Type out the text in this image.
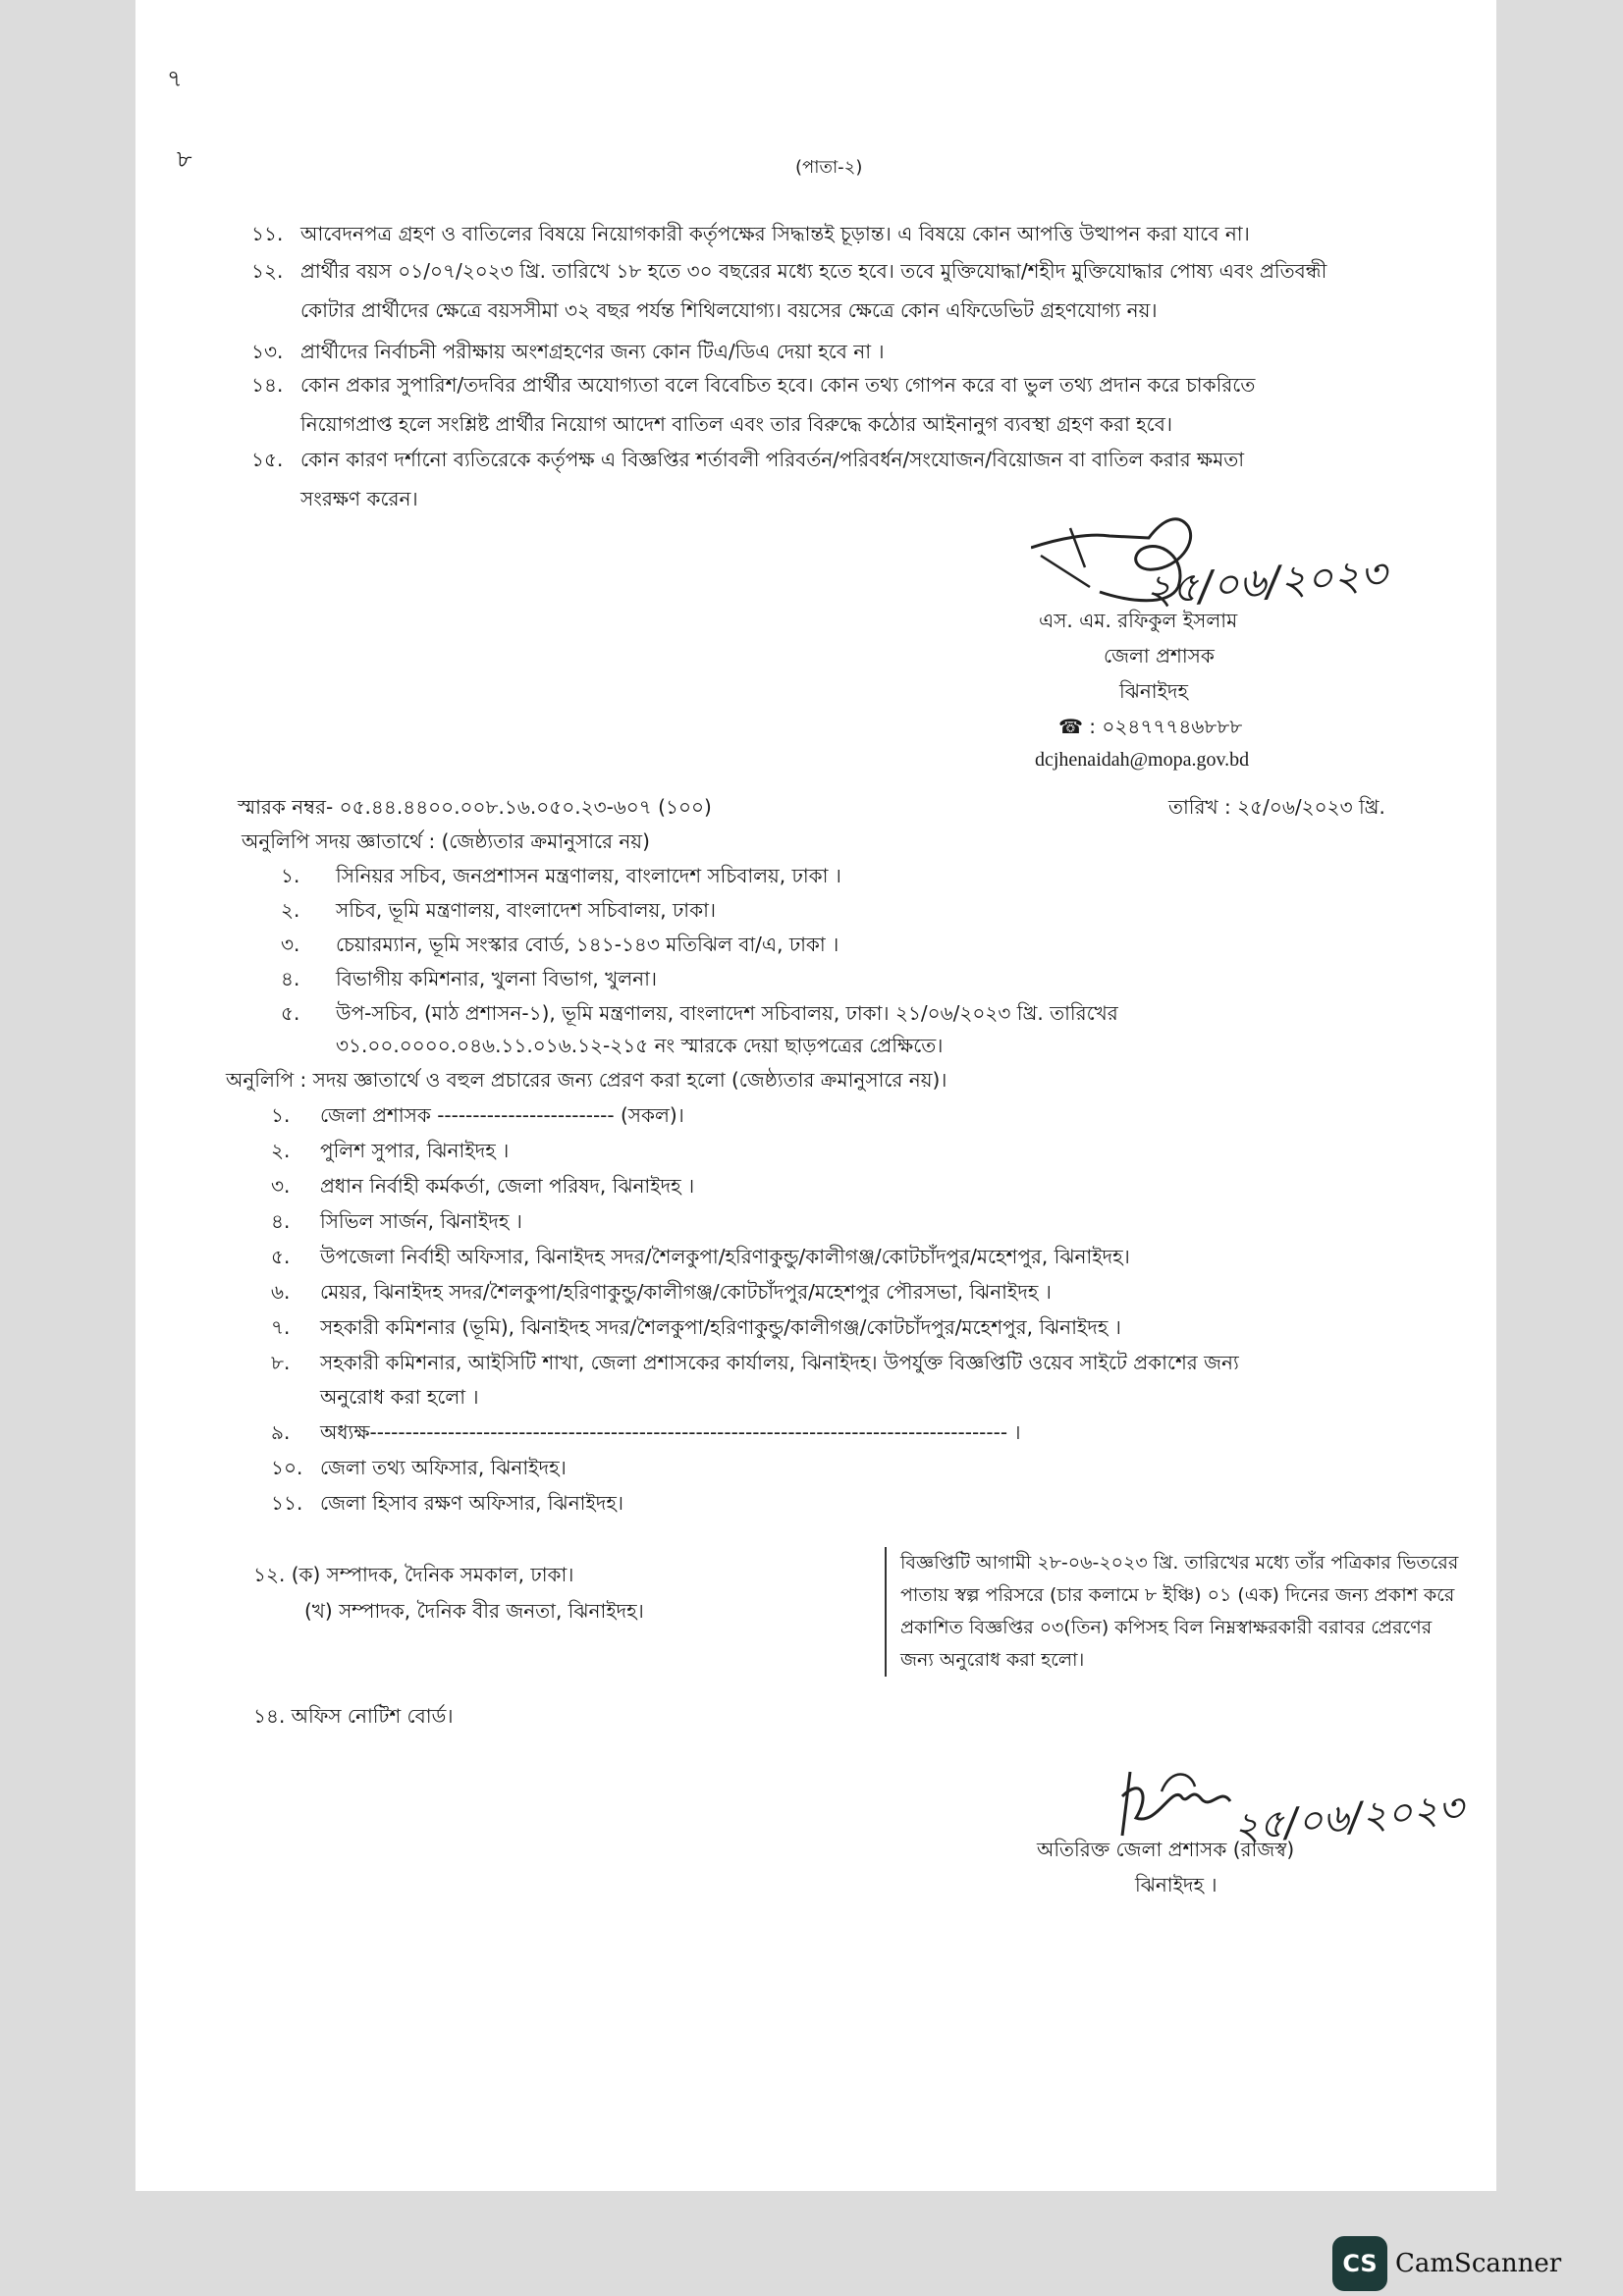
৭
৮	(পাতা-২)
১১. আবেদনপত্র গ্রহণ ও বাতিলের বিষয়ে নিয়োগকারী কর্তৃপক্ষের সিদ্ধান্তই চূড়ান্ত। এ বিষয়ে কোন আপত্তি উত্থাপন করা যাবে না।
১২. প্রার্থীর বয়স ০১/০৭/২০২৩ খ্রি. তারিখে ১৮ হতে ৩০ বছরের মধ্যে হতে হবে। তবে মুক্তিযোদ্ধা/শহীদ মুক্তিযোদ্ধার পোষ্য এবং প্রতিবন্ধী
কোটার প্রার্থীদের ক্ষেত্রে বয়সসীমা ৩২ বছর পর্যন্ত শিথিলযোগ্য। বয়সের ক্ষেত্রে কোন এফিডেভিট গ্রহণযোগ্য নয়।
১৩. প্রার্থীদের নির্বাচনী পরীক্ষায় অংশগ্রহণের জন্য কোন টিএ/ডিএ দেয়া হবে না ।
১৪. কোন প্রকার সুপারিশ/তদবির প্রার্থীর অযোগ্যতা বলে বিবেচিত হবে। কোন তথ্য গোপন করে বা ভুল তথ্য প্রদান করে চাকরিতে
নিয়োগপ্রাপ্ত হলে সংশ্লিষ্ট প্রার্থীর নিয়োগ আদেশ বাতিল এবং তার বিরুদ্ধে কঠোর আইনানুগ ব্যবস্থা গ্রহণ করা হবে।
১৫. কোন কারণ দর্শানো ব্যতিরেকে কর্তৃপক্ষ এ বিজ্ঞপ্তির শর্তাবলী পরিবর্তন/পরিবর্ধন/সংযোজন/বিয়োজন বা বাতিল করার ক্ষমতা
সংরক্ষণ করেন।
২৫/০৬/২০২৩
এস. এম. রফিকুল ইসলাম
জেলা প্রশাসক
ঝিনাইদহ
☎ : ০২৪৭৭৭৪৬৮৮৮
dcjhenaidah@mopa.gov.bd
স্মারক নম্বর- ০৫.৪৪.৪৪০০.০০৮.১৬.০৫০.২৩-৬০৭ (১০০)	তারিখ : ২৫/০৬/২০২৩ খ্রি.
অনুলিপি সদয় জ্ঞাতার্থে : (জেষ্ঠ্যতার ক্রমানুসারে নয়)
১. সিনিয়র সচিব, জনপ্রশাসন মন্ত্রণালয়, বাংলাদেশ সচিবালয়, ঢাকা ।
২. সচিব, ভূমি মন্ত্রণালয়, বাংলাদেশ সচিবালয়, ঢাকা।
৩. চেয়ারম্যান, ভূমি সংস্কার বোর্ড, ১৪১-১৪৩ মতিঝিল বা/এ, ঢাকা ।
৪. বিভাগীয় কমিশনার, খুলনা বিভাগ, খুলনা।
৫. উপ-সচিব, (মাঠ প্রশাসন-১), ভূমি মন্ত্রণালয়, বাংলাদেশ সচিবালয়, ঢাকা। ২১/০৬/২০২৩ খ্রি. তারিখের
৩১.০০.০০০০.০৪৬.১১.০১৬.১২-২১৫ নং স্মারকে দেয়া ছাড়পত্রের প্রেক্ষিতে।
অনুলিপি : সদয় জ্ঞাতার্থে ও বহুল প্রচারের জন্য প্রেরণ করা হলো (জেষ্ঠ্যতার ক্রমানুসারে নয়)।
১. জেলা প্রশাসক ------------------------- (সকল)।
২. পুলিশ সুপার, ঝিনাইদহ ।
৩. প্রধান নির্বাহী কর্মকর্তা, জেলা পরিষদ, ঝিনাইদহ ।
৪. সিভিল সার্জন, ঝিনাইদহ ।
৫. উপজেলা নির্বাহী অফিসার, ঝিনাইদহ সদর/শৈলকুপা/হরিণাকুন্ডু/কালীগঞ্জ/কোটচাঁদপুর/মহেশপুর, ঝিনাইদহ।
৬. মেয়র, ঝিনাইদহ সদর/শৈলকুপা/হরিণাকুন্ডু/কালীগঞ্জ/কোটচাঁদপুর/মহেশপুর পৌরসভা, ঝিনাইদহ ।
৭. সহকারী কমিশনার (ভূমি), ঝিনাইদহ সদর/শৈলকুপা/হরিণাকুন্ডু/কালীগঞ্জ/কোটচাঁদপুর/মহেশপুর, ঝিনাইদহ ।
৮. সহকারী কমিশনার, আইসিটি শাখা, জেলা প্রশাসকের কার্যালয়, ঝিনাইদহ। উপর্যুক্ত বিজ্ঞপ্তিটি ওয়েব সাইটে প্রকাশের জন্য
অনুরোধ করা হলো ।
৯. অধ্যক্ষ------------------------------------------------------------------------------------------ ।
১০. জেলা তথ্য অফিসার, ঝিনাইদহ।
১১. জেলা হিসাব রক্ষণ অফিসার, ঝিনাইদহ।
১২. (ক) সম্পাদক, দৈনিক সমকাল, ঢাকা।
(খ) সম্পাদক, দৈনিক বীর জনতা, ঝিনাইদহ।
বিজ্ঞপ্তিটি আগামী ২৮-০৬-২০২৩ খ্রি. তারিখের মধ্যে তাঁর পত্রিকার ভিতরের পাতায় স্বল্প পরিসরে (চার কলামে ৮ ইঞ্চি) ০১ (এক) দিনের জন্য প্রকাশ করে প্রকাশিত বিজ্ঞপ্তির ০৩(তিন) কপিসহ বিল নিম্নস্বাক্ষরকারী বরাবর প্রেরণের জন্য অনুরোধ করা হলো।
১৪. অফিস নোটিশ বোর্ড।
২৫/০৬/২০২৩
অতিরিক্ত জেলা প্রশাসক (রাজস্ব)
ঝিনাইদহ ।
CS CamScanner
